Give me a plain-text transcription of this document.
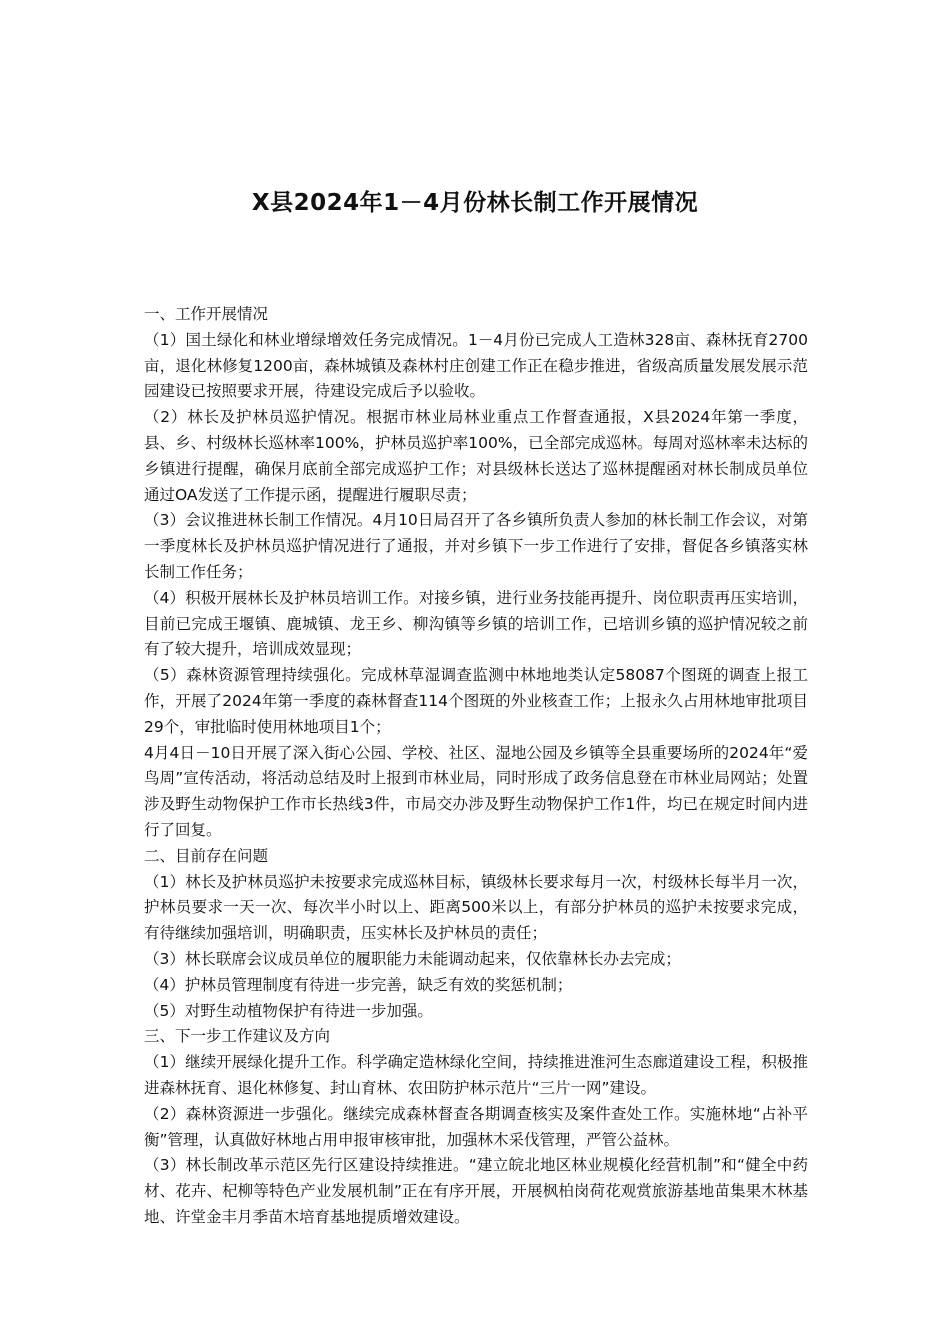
X县2024年1－4月份林长制工作开展情况

一、工作开展情况

（1）国土绿化和林业增绿增效任务完成情况。1－4月份已完成人工造林328亩、森林抚育2700亩，退化林修复1200亩，森林城镇及森林村庄创建工作正在稳步推进，省级高质量发展发展示范园建设已按照要求开展，待建设完成后予以验收。

（2）林长及护林员巡护情况。根据市林业局林业重点工作督查通报，X县2024年第一季度，县、乡、村级林长巡林率100%，护林员巡护率100%，已全部完成巡林。每周对巡林率未达标的乡镇进行提醒，确保月底前全部完成巡护工作；对县级林长送达了巡林提醒函对林长制成员单位通过OA发送了工作提示函，提醒进行履职尽责；

（3）会议推进林长制工作情况。4月10日局召开了各乡镇所负责人参加的林长制工作会议，对第一季度林长及护林员巡护情况进行了通报，并对乡镇下一步工作进行了安排，督促各乡镇落实林长制工作任务；

（4）积极开展林长及护林员培训工作。对接乡镇，进行业务技能再提升、岗位职责再压实培训，目前已完成王堰镇、鹿城镇、龙王乡、柳沟镇等乡镇的培训工作，已培训乡镇的巡护情况较之前有了较大提升，培训成效显现；

（5）森林资源管理持续强化。完成林草湿调查监测中林地地类认定58087个图斑的调查上报工作，开展了2024年第一季度的森林督查114个图斑的外业核查工作；上报永久占用林地审批项目29个，审批临时使用林地项目1个；

4月4日－10日开展了深入街心公园、学校、社区、湿地公园及乡镇等全县重要场所的2024年“爱鸟周”宣传活动，将活动总结及时上报到市林业局，同时形成了政务信息登在市林业局网站；处置涉及野生动物保护工作市长热线3件，市局交办涉及野生动物保护工作1件，均已在规定时间内进行了回复。

二、目前存在问题

（1）林长及护林员巡护未按要求完成巡林目标，镇级林长要求每月一次，村级林长每半月一次，护林员要求一天一次、每次半小时以上、距离500米以上，有部分护林员的巡护未按要求完成，有待继续加强培训，明确职责，压实林长及护林员的责任；

（3）林长联席会议成员单位的履职能力未能调动起来，仅依靠林长办去完成；

（4）护林员管理制度有待进一步完善，缺乏有效的奖惩机制；

（5）对野生动植物保护有待进一步加强。

三、下一步工作建议及方向

（1）继续开展绿化提升工作。科学确定造林绿化空间，持续推进淮河生态廊道建设工程，积极推进森林抚育、退化林修复、封山育林、农田防护林示范片“三片一网”建设。

（2）森林资源进一步强化。继续完成森林督查各期调查核实及案件查处工作。实施林地“占补平衡”管理，认真做好林地占用申报审核审批，加强林木采伐管理，严管公益林。

（3）林长制改革示范区先行区建设持续推进。“建立皖北地区林业规模化经营机制”和“健全中药材、花卉、杞柳等特色产业发展机制”正在有序开展，开展枫柏岗荷花观赏旅游基地苗集果木林基地、许堂金丰月季苗木培育基地提质增效建设。
